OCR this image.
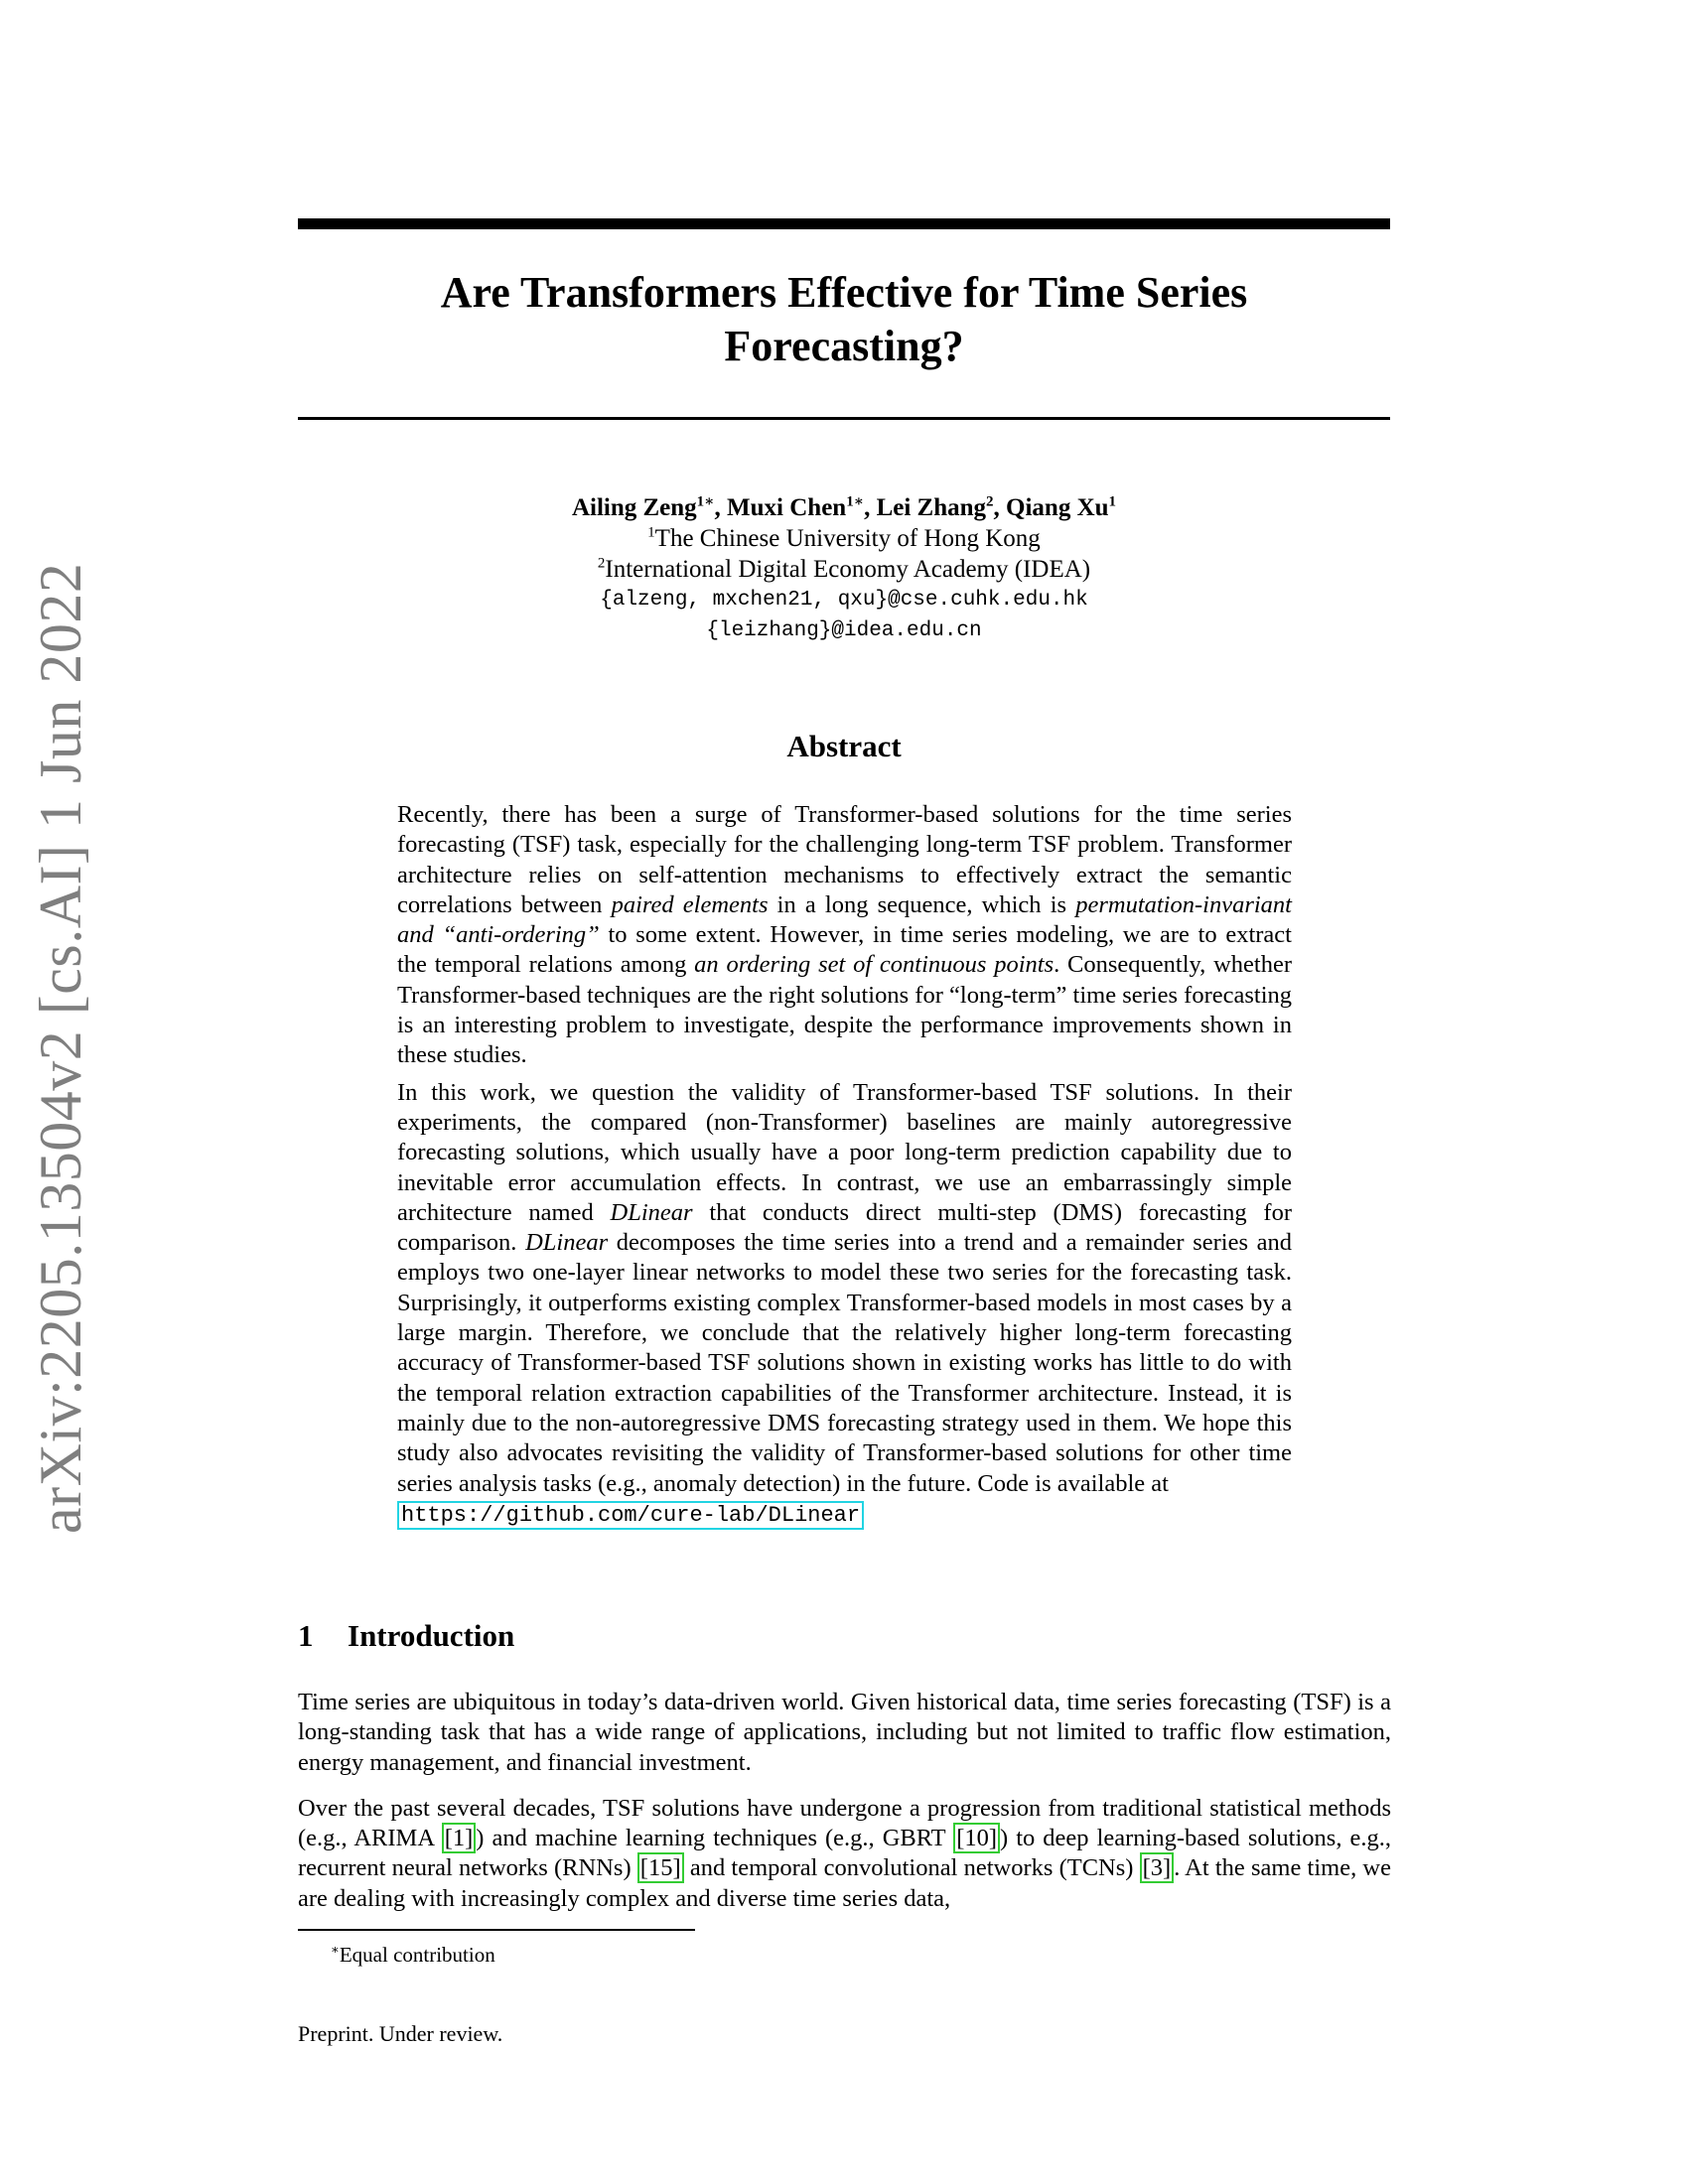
arXiv:2205.13504v2 [cs.AI] 1 Jun 2022
Are Transformers Effective for Time Series
Forecasting?
Ailing Zeng$^{1∗}$, Muxi Chen$^{1∗}$, Lei Zhang$^2$, Qiang Xu$^1$
$^1$The Chinese University of Hong Kong
$^2$International Digital Economy Academy (IDEA)
{alzeng, mxchen21, qxu}@cse.cuhk.edu.hk
{leizhang}@idea.edu.cn
Abstract

Recently, there has been a surge of Transformer-based solutions for the time series forecasting (TSF) task, especially for the challenging long-term TSF problem. Transformer architecture relies on self-attention mechanisms to effectively extract the semantic correlations between paired elements in a long sequence, which is permutation-invariant and “anti-ordering” to some extent. However, in time series modeling, we are to extract the temporal relations among an ordering set of continuous points. Consequently, whether Transformer-based techniques are the right solutions for “long-term” time series forecasting is an interesting problem to investigate, despite the performance improvements shown in these studies.

In this work, we question the validity of Transformer-based TSF solutions. In their experiments, the compared (non-Transformer) baselines are mainly autoregressive forecasting solutions, which usually have a poor long-term prediction capability due to inevitable error accumulation effects. In contrast, we use an embarrassingly simple architecture named DLinear that conducts direct multi-step (DMS) forecasting for comparison. DLinear decomposes the time series into a trend and a remainder series and employs two one-layer linear networks to model these two series for the forecasting task. Surprisingly, it outperforms existing complex Transformer-based models in most cases by a large margin. Therefore, we conclude that the relatively higher long-term forecasting accuracy of Transformer-based TSF solutions shown in existing works has little to do with the temporal relation extraction capabilities of the Transformer architecture. Instead, it is mainly due to the non-autoregressive DMS forecasting strategy used in them. We hope this study also advocates revisiting the validity of Transformer-based solutions for other time series analysis tasks (e.g., anomaly detection) in the future. Code is available at
https://github.com/cure-lab/DLinear

1 Introduction

Time series are ubiquitous in today’s data-driven world. Given historical data, time series forecasting (TSF) is a long-standing task that has a wide range of applications, including but not limited to traffic flow estimation, energy management, and financial investment.

Over the past several decades, TSF solutions have undergone a progression from traditional statistical methods (e.g., ARIMA [1] ) and machine learning techniques (e.g., GBRT [10] ) to deep learning-based solutions, e.g., recurrent neural networks (RNNs) [15] and temporal convolutional networks (TCNs) [3] . At the same time, we are dealing with increasingly complex and diverse time series data,

∗Equal contribution
Preprint. Under review.
